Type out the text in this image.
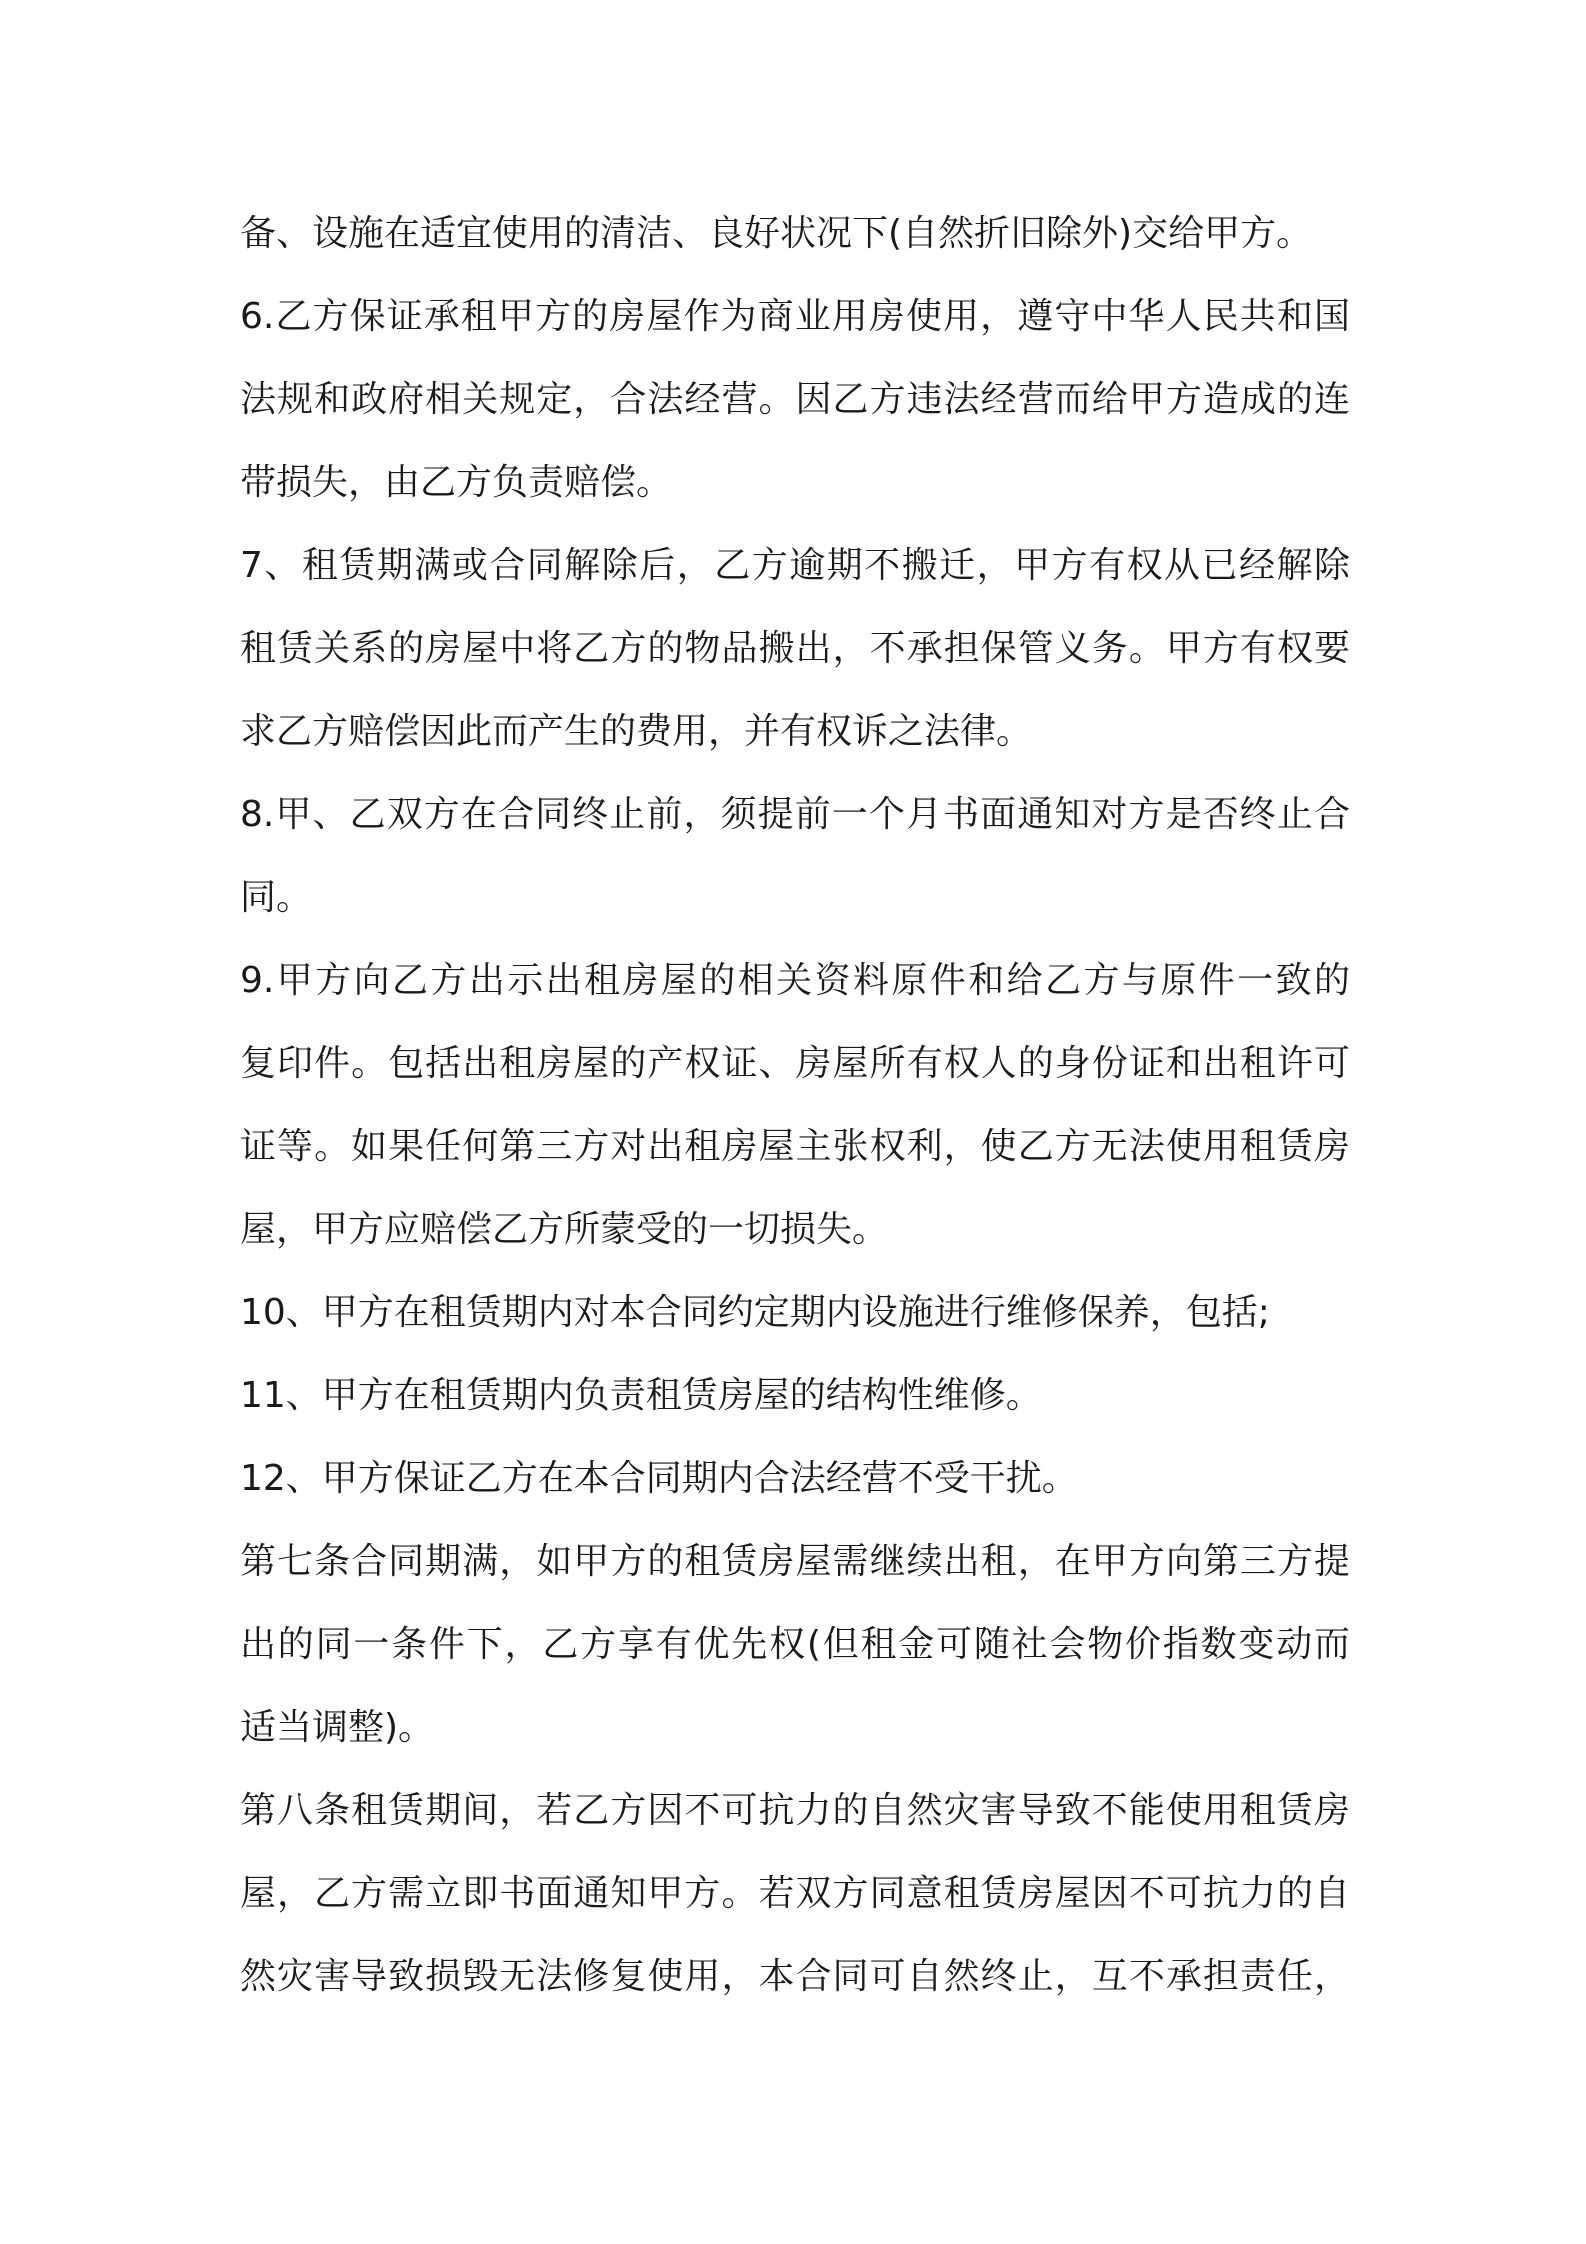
备、设施在适宜使用的清洁、良好状况下(自然折旧除外)交给甲方。
6.乙方保证承租甲方的房屋作为商业用房使用，遵守中华人民共和国
法规和政府相关规定，合法经营。因乙方违法经营而给甲方造成的连
带损失，由乙方负责赔偿。
7、租赁期满或合同解除后，乙方逾期不搬迁，甲方有权从已经解除
租赁关系的房屋中将乙方的物品搬出，不承担保管义务。甲方有权要
求乙方赔偿因此而产生的费用，并有权诉之法律。
8.甲、乙双方在合同终止前，须提前一个月书面通知对方是否终止合
同。
9.甲方向乙方出示出租房屋的相关资料原件和给乙方与原件一致的
复印件。包括出租房屋的产权证、房屋所有权人的身份证和出租许可
证等。如果任何第三方对出租房屋主张权利，使乙方无法使用租赁房
屋，甲方应赔偿乙方所蒙受的一切损失。
10、甲方在租赁期内对本合同约定期内设施进行维修保养，包括;
11、甲方在租赁期内负责租赁房屋的结构性维修。
12、甲方保证乙方在本合同期内合法经营不受干扰。
第七条合同期满，如甲方的租赁房屋需继续出租，在甲方向第三方提
出的同一条件下，乙方享有优先权(但租金可随社会物价指数变动而
适当调整)。
第八条租赁期间，若乙方因不可抗力的自然灾害导致不能使用租赁房
屋，乙方需立即书面通知甲方。若双方同意租赁房屋因不可抗力的自
然灾害导致损毁无法修复使用，本合同可自然终止，互不承担责任，
